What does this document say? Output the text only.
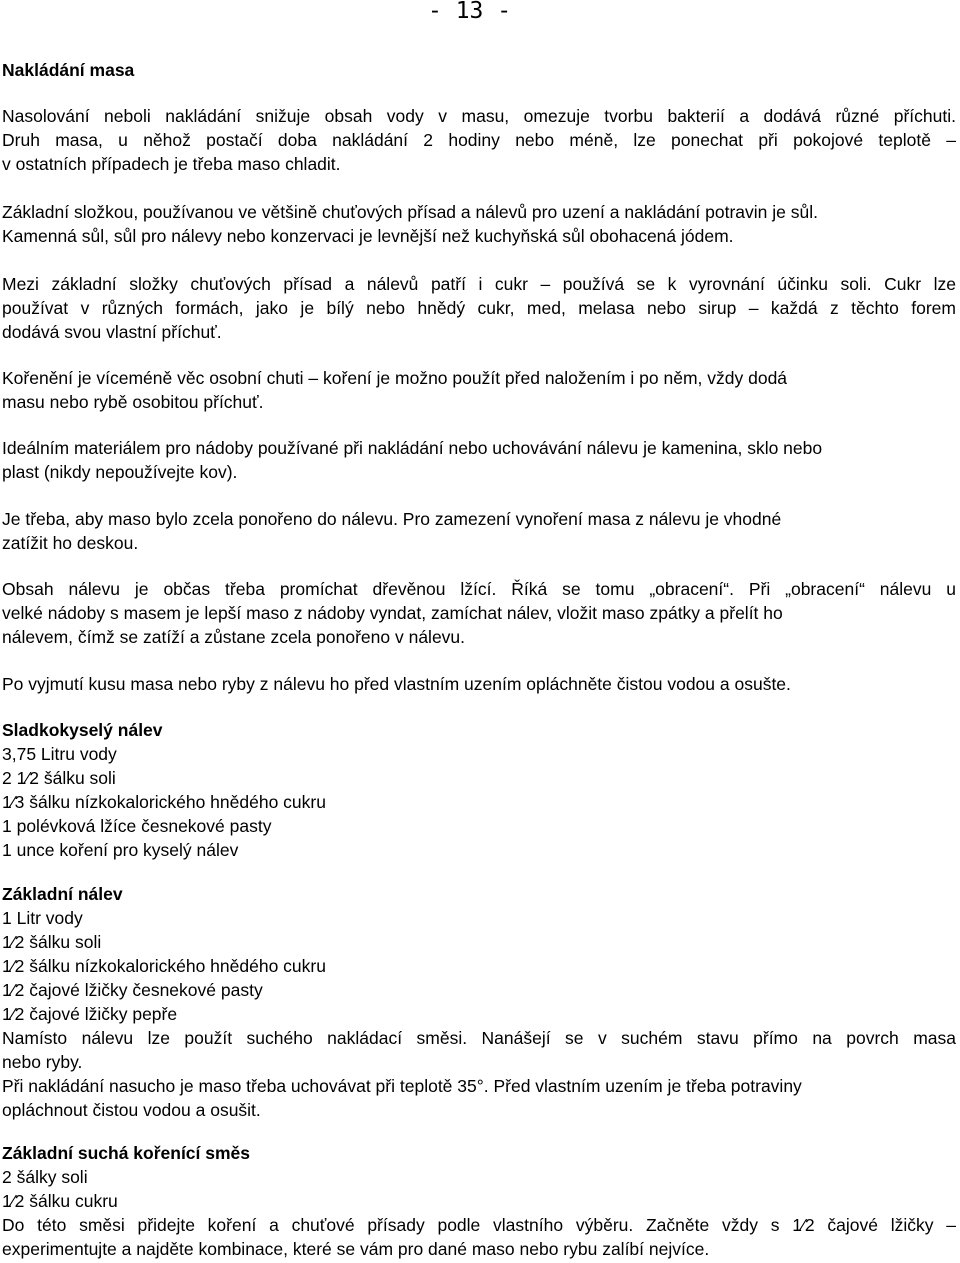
- 13 -
Nakládání masa
Nasolování neboli nakládání snižuje obsah vody v masu, omezuje tvorbu bakterií a dodává různé příchuti.
Druh masa, u něhož postačí doba nakládání 2 hodiny nebo méně, lze ponechat při pokojové teplotě –
v ostatních případech je třeba maso chladit.
Základní složkou, používanou ve většině chuťových přísad a nálevů pro uzení a nakládání potravin je sůl.
Kamenná sůl, sůl pro nálevy nebo konzervaci je levnější než kuchyňská sůl obohacená jódem.
Mezi základní složky chuťových přísad a nálevů patří i cukr – používá se k vyrovnání účinku soli. Cukr lze
používat v různých formách, jako je bílý nebo hnědý cukr, med, melasa nebo sirup – každá z těchto forem
dodává svou vlastní příchuť.
Kořenění je víceméně věc osobní chuti – koření je možno použít před naložením i po něm, vždy dodá
masu nebo rybě osobitou příchuť.
Ideálním materiálem pro nádoby používané při nakládání nebo uchovávání nálevu je kamenina, sklo nebo
plast (nikdy nepoužívejte kov).
Je třeba, aby maso bylo zcela ponořeno do nálevu. Pro zamezení vynoření masa z nálevu je vhodné
zatížit ho deskou.
Obsah nálevu je občas třeba promíchat dřevěnou lžící. Říká se tomu „obracení“. Při „obracení“ nálevu u
velké nádoby s masem je lepší maso z nádoby vyndat, zamíchat nálev, vložit maso zpátky a přelít ho
nálevem, čímž se zatíží a zůstane zcela ponořeno v nálevu.
Po vyjmutí kusu masa nebo ryby z nálevu ho před vlastním uzením opláchněte čistou vodou a osušte.
Sladkokyselý nálev
3,75 Litru vody
2 1⁄2 šálku soli
1⁄3 šálku nízkokalorického hnědého cukru
1 polévková lžíce česnekové pasty
1 unce koření pro kyselý nálev
Základní nálev
1 Litr vody
1⁄2 šálku soli
1⁄2 šálku nízkokalorického hnědého cukru
1⁄2 čajové lžičky česnekové pasty
1⁄2 čajové lžičky pepře
Namísto nálevu lze použít suchého nakládací směsi. Nanášejí se v suchém stavu přímo na povrch masa
nebo ryby.
Při nakládání nasucho je maso třeba uchovávat při teplotě 35°. Před vlastním uzením je třeba potraviny
opláchnout čistou vodou a osušit.
Základní suchá kořenící směs
2 šálky soli
1⁄2 šálku cukru
Do této směsi přidejte koření a chuťové přísady podle vlastního výběru. Začněte vždy s 1⁄2 čajové lžičky –
experimentujte a najděte kombinace, které se vám pro dané maso nebo rybu zalíbí nejvíce.
